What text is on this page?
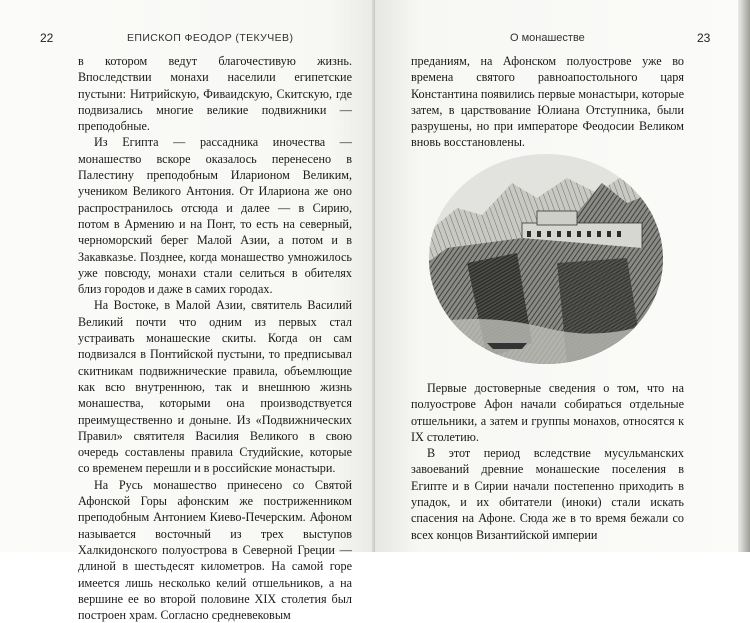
22	ЕПИСКОП ФЕОДОР (ТЕКУЧЕВ)

в котором ведут благочестивую жизнь. Впоследствии монахи населили египетские пустыни: Нитрийскую, Фиваидскую, Скитскую, где подвизались многие великие подвижники — преподобные.

Из Египта — рассадника иночества — монашество вскоре оказалось перенесено в Палестину преподобным Иларионом Великим, учеником Великого Антония. От Илариона же оно распространилось отсюда и далее — в Сирию, потом в Армению и на Понт, то есть на северный, черноморский берег Малой Азии, а потом и в Закавказье. Позднее, когда монашество умножилось уже повсюду, монахи стали селиться в обителях близ городов и даже в самих городах.

На Востоке, в Малой Азии, святитель Василий Великий почти что одним из первых стал устраивать монашеские скиты. Когда он сам подвизался в Понтийской пустыни, то предписывал скитникам подвижнические правила, объемлющие как всю внутреннюю, так и внешнюю жизнь монашества, которыми она производствуется преимущественно и доныне. Из «Подвижнических Правил» святителя Василия Великого в свою очередь составлены правила Студийские, которые со временем перешли и в российские монастыри.

На Русь монашество принесено со Святой Афонской Горы афонским же постриженником преподобным Антонием Киево-Печерским. Афоном называется восточный из трех выступов Халкидонского полуострова в Северной Греции — длиной в шестьдесят километров. На самой горе имеется лишь несколько келий отшельников, а на вершине ее во второй половине XIX столетия был построен храм. Согласно средневековым

О монашестве	23

преданиям, на Афонском полуострове уже во времена святого равноапостольного царя Константина появились первые монастыри, которые затем, в царствование Юлиана Отступника, были разрушены, но при императоре Феодосии Великом вновь восстановлены.

Первые достоверные сведения о том, что на полуострове Афон начали собираться отдельные отшельники, а затем и группы монахов, относятся к IX столетию.

В этот период вследствие мусульманских завоеваний древние монашеские поселения в Египте и в Сирии начали постепенно приходить в упадок, и их обитатели (иноки) стали искать спасения на Афоне. Сюда же в то время бежали со всех концов Византийской империи
